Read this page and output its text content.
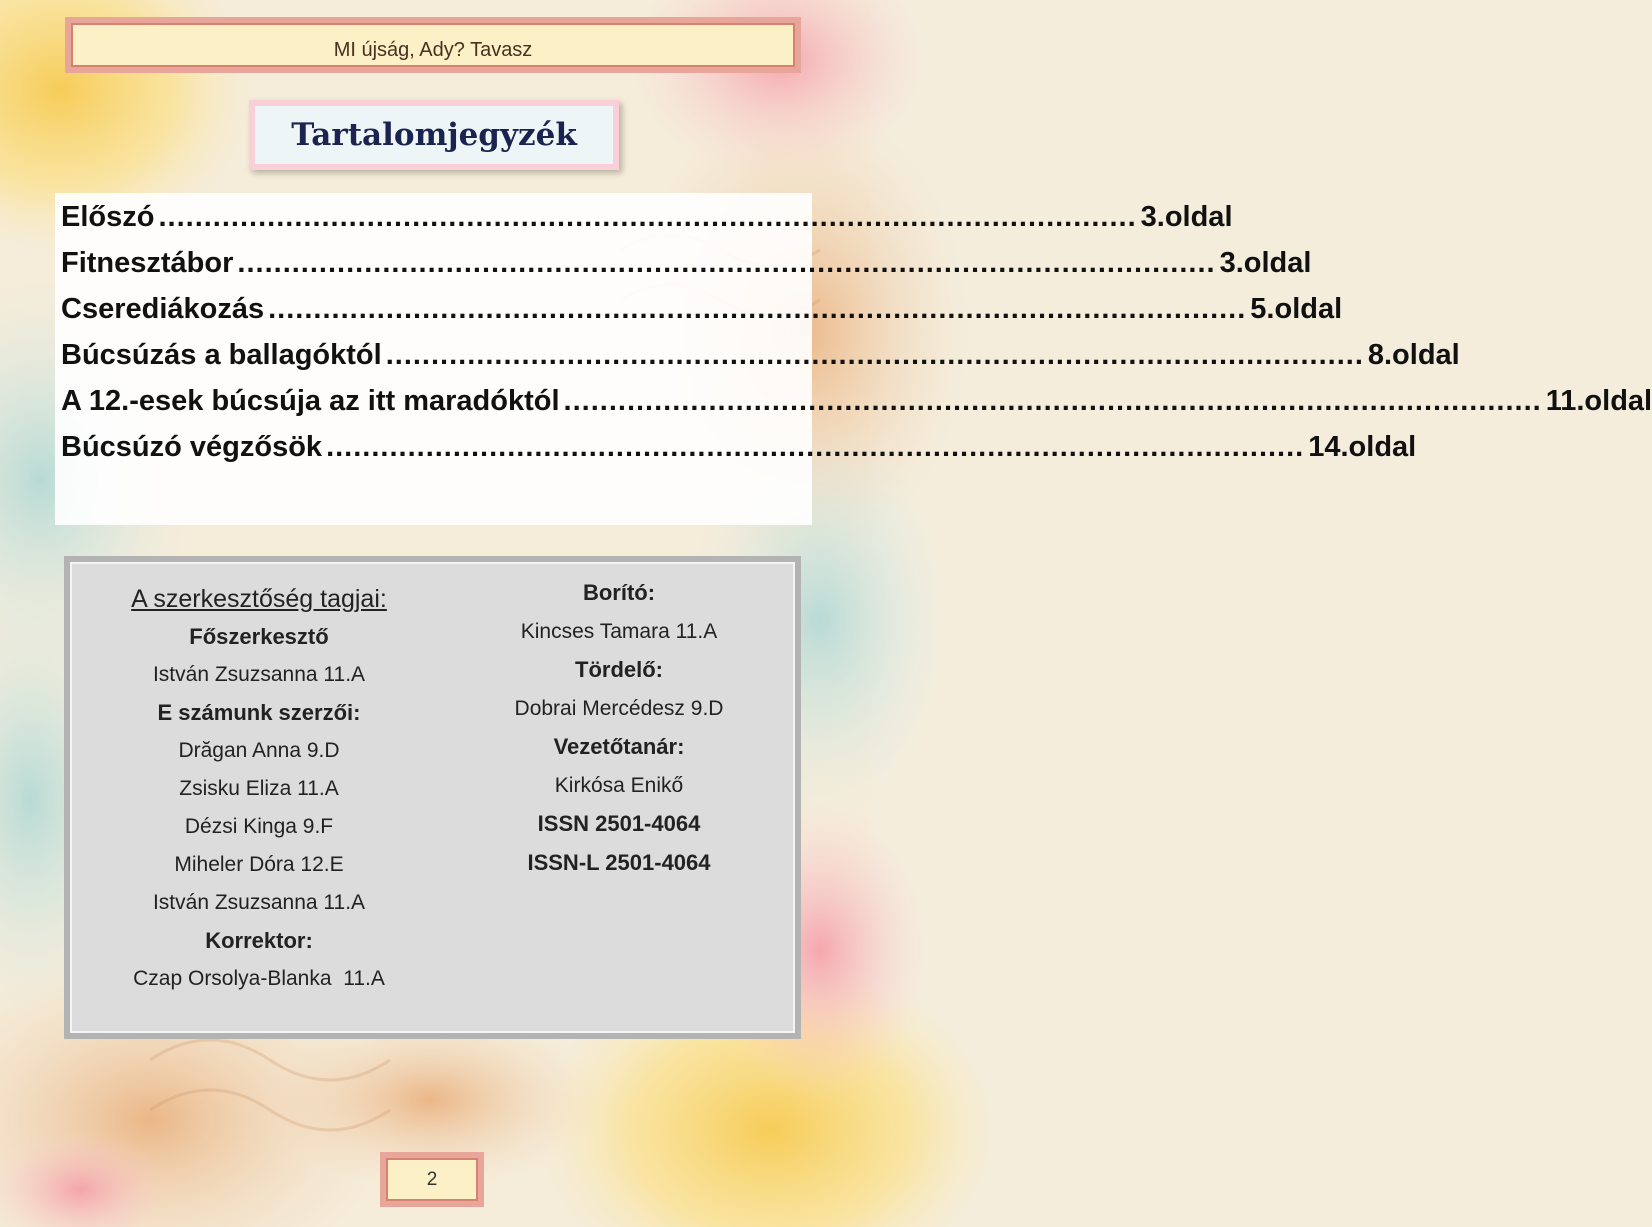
MI újság, Ady? Tavasz
Tartalomjegyzék
Előszó ............................................................................................................ 3.oldal
Fitnesztábor ............................................................................................................ 3.oldal
Cserediákozás ............................................................................................................ 5.oldal
Búcsúzás a ballagóktól ............................................................................................................ 8.oldal
A 12.-esek búcsúja az itt maradóktól ............................................................................................................ 11.oldal
Búcsúzó végzősök ............................................................................................................ 14.oldal
A szerkesztőség tagjai:
Főszerkesztő
István Zsuzsanna 11.A
E számunk szerzői:
Drăgan Anna 9.D
Zsisku Eliza 11.A
Dézsi Kinga 9.F
Miheler Dóra 12.E
István Zsuzsanna 11.A
Korrektor:
Czap Orsolya-Blanka  11.A
Borító:
Kincses Tamara 11.A
Tördelő:
Dobrai Mercédesz 9.D
Vezetőtanár:
Kirkósa Enikő
ISSN 2501-4064
ISSN-L 2501-4064
2
